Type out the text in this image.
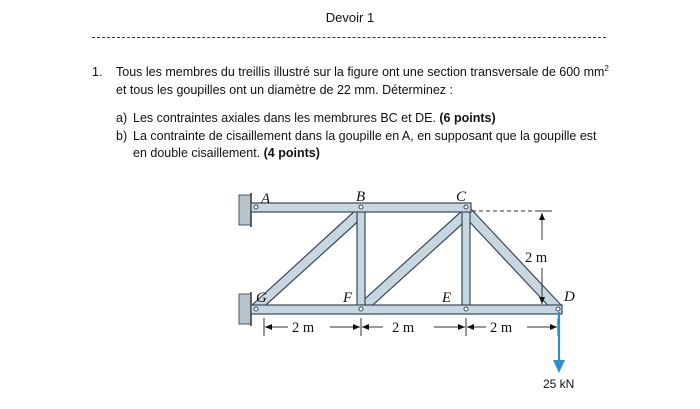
Devoir 1
1. Tous les membres du treillis illustré sur la figure ont une section transversale de 600 $mm^2$
et tous les goupilles ont un diamètre de 22 mm. Déterminez :
a) Les contraintes axiales dans les membrures BC et DE. (6 points)
b) La contrainte de cisaillement dans la goupille en A, en supposant que la goupille est en double cisaillement. (4 points)
A	B	C
G	F	E	D
2 m
2 m	2 m	2 m
25 kN
